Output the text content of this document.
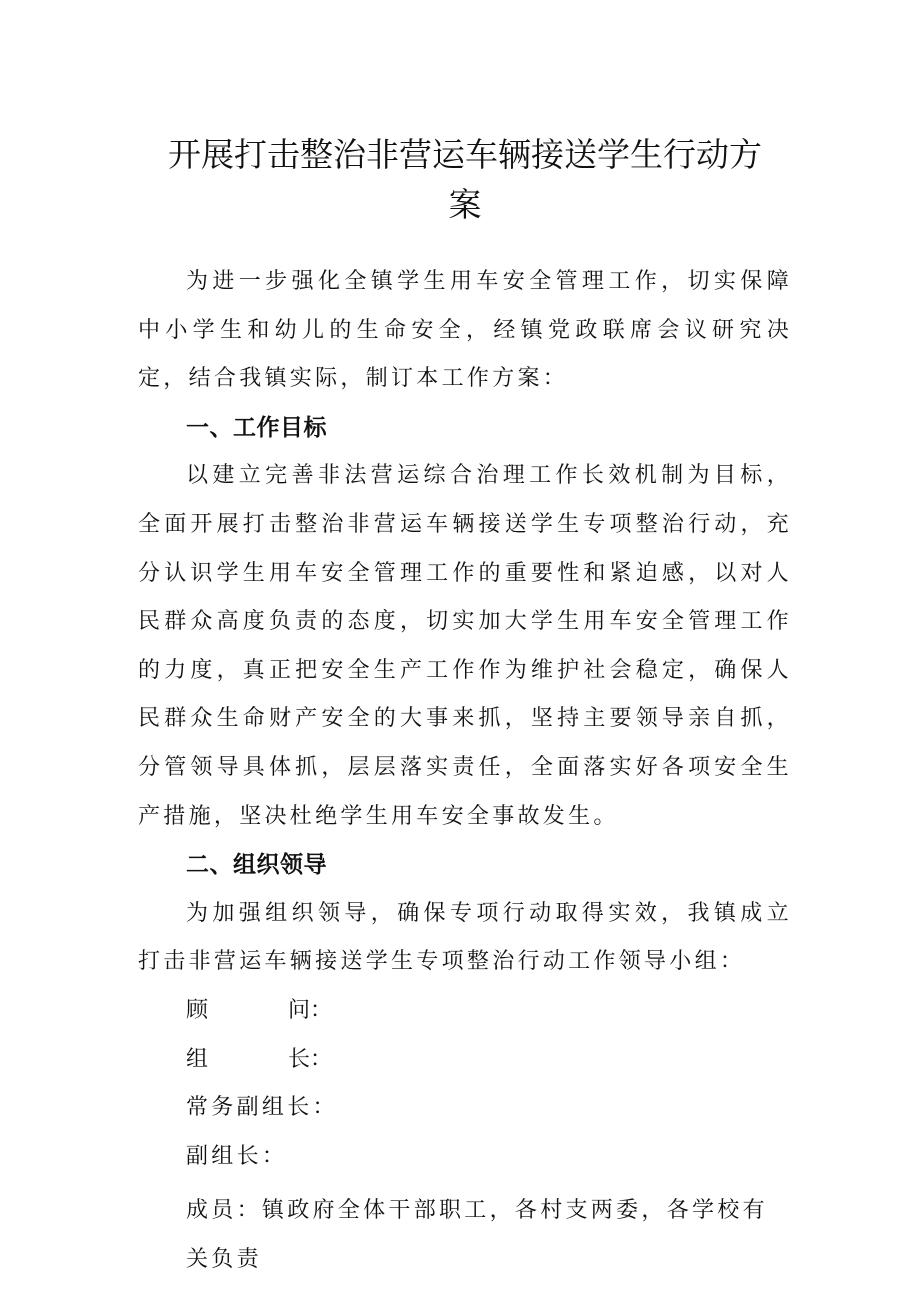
开展打击整治非营运车辆接送学生行动方
案

为进一步强化全镇学生用车安全管理工作，切实保障中小学生和幼儿的生命安全，经镇党政联席会议研究决定，结合我镇实际，制订本工作方案：

一、工作目标

以建立完善非法营运综合治理工作长效机制为目标，全面开展打击整治非营运车辆接送学生专项整治行动，充分认识学生用车安全管理工作的重要性和紧迫感，以对人民群众高度负责的态度，切实加大学生用车安全管理工作的力度，真正把安全生产工作作为维护社会稳定，确保人民群众生命财产安全的大事来抓，坚持主要领导亲自抓，分管领导具体抓，层层落实责任，全面落实好各项安全生产措施，坚决杜绝学生用车安全事故发生。

二、组织领导

为加强组织领导，确保专项行动取得实效，我镇成立打击非营运车辆接送学生专项整治行动工作领导小组：

顾问：

组长：

常务副组长：

副组长：

成员：镇政府全体干部职工，各村支两委，各学校有关负责
